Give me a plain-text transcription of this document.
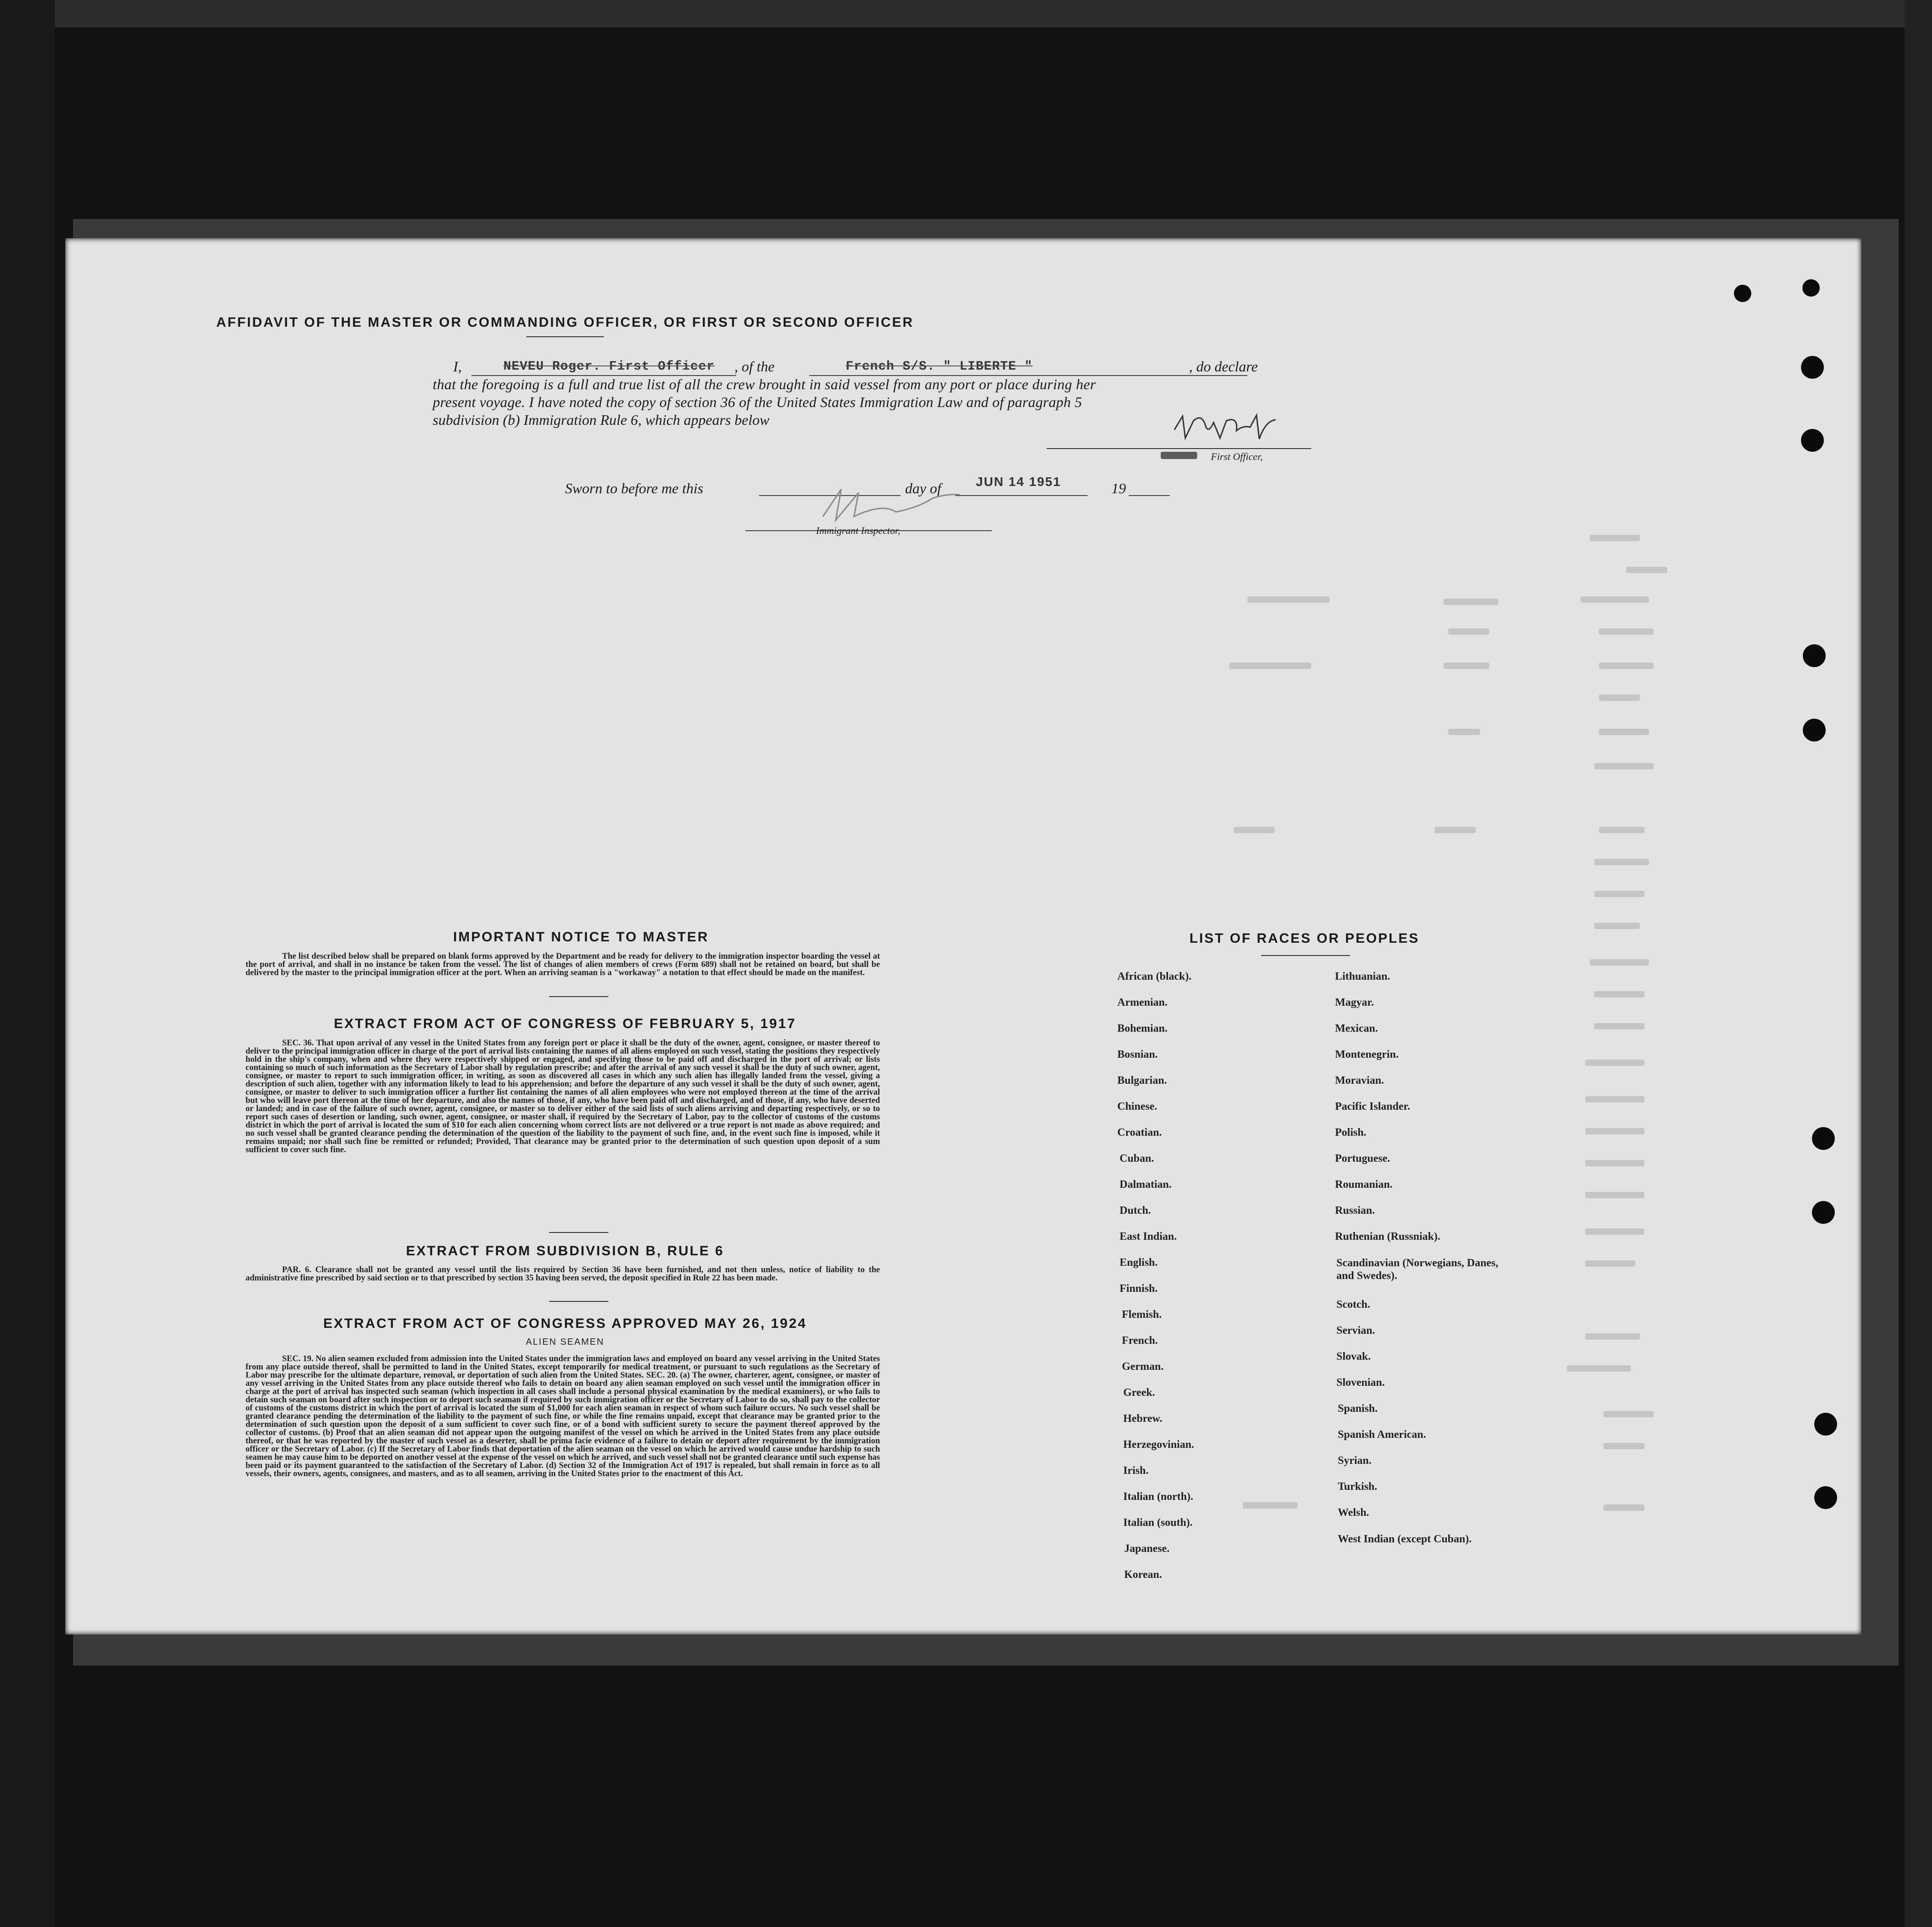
AFFIDAVIT OF THE MASTER OR COMMANDING OFFICER, OR FIRST OR SECOND OFFICER
I,	NEVEU Roger. First Officer , of the	French S/S. " LIBERTE "	, do declare
that the foregoing is a full and true list of all the crew brought in said vessel from any port or place during her
present voyage. I have noted the copy of section 36 of the United States Immigration Law and of paragraph 5
subdivision (b) Immigration Rule 6, which appears below
First Officer,
Sworn to before me this	day of	JUN 14 1951	19
Immigrant Inspector,
IMPORTANT NOTICE TO MASTER
The list described below shall be prepared on blank forms approved by the Department and be ready for delivery to the immigration inspector boarding the vessel at the port of arrival, and shall in no instance be taken from the vessel. The list of changes of alien members of crews (Form 689) shall not be retained on board, but shall be delivered by the master to the principal immigration officer at the port. When an arriving seaman is a "workaway" a notation to that effect should be made on the manifest.
EXTRACT FROM ACT OF CONGRESS OF FEBRUARY 5, 1917
SEC. 36. That upon arrival of any vessel in the United States from any foreign port or place it shall be the duty of the owner, agent, consignee, or master thereof to deliver to the principal immigration officer in charge of the port of arrival lists containing the names of all aliens employed on such vessel, stating the positions they respectively hold in the ship's company, when and where they were respectively shipped or engaged, and specifying those to be paid off and discharged in the port of arrival; or lists containing so much of such information as the Secretary of Labor shall by regulation prescribe; and after the arrival of any such vessel it shall be the duty of such owner, agent, consignee, or master to report to such immigration officer, in writing, as soon as discovered all cases in which any such alien has illegally landed from the vessel, giving a description of such alien, together with any information likely to lead to his apprehension; and before the departure of any such vessel it shall be the duty of such owner, agent, consignee, or master to deliver to such immigration officer a further list containing the names of all alien employees who were not employed thereon at the time of the arrival but who will leave port thereon at the time of her departure, and also the names of those, if any, who have been paid off and discharged, and of those, if any, who have deserted or landed; and in case of the failure of such owner, agent, consignee, or master so to deliver either of the said lists of such aliens arriving and departing respectively, or so to report such cases of desertion or landing, such owner, agent, consignee, or master shall, if required by the Secretary of Labor, pay to the collector of customs of the customs district in which the port of arrival is located the sum of $10 for each alien concerning whom correct lists are not delivered or a true report is not made as above required; and no such vessel shall be granted clearance pending the determination of the question of the liability to the payment of such fine, and, in the event such fine is imposed, while it remains unpaid; nor shall such fine be remitted or refunded; Provided, That clearance may be granted prior to the determination of such question upon deposit of a sum sufficient to cover such fine.
EXTRACT FROM SUBDIVISION B, RULE 6
PAR. 6. Clearance shall not be granted any vessel until the lists required by Section 36 have been furnished, and not then unless, notice of liability to the administrative fine prescribed by said section or to that prescribed by section 35 having been served, the deposit specified in Rule 22 has been made.
EXTRACT FROM ACT OF CONGRESS APPROVED MAY 26, 1924
ALIEN SEAMEN
SEC. 19. No alien seamen excluded from admission into the United States under the immigration laws and employed on board any vessel arriving in the United States from any place outside thereof, shall be permitted to land in the United States, except temporarily for medical treatment, or pursuant to such regulations as the Secretary of Labor may prescribe for the ultimate departure, removal, or deportation of such alien from the United States. SEC. 20. (a) The owner, charterer, agent, consignee, or master of any vessel arriving in the United States from any place outside thereof who fails to detain on board any alien seaman employed on such vessel until the immigration officer in charge at the port of arrival has inspected such seaman (which inspection in all cases shall include a personal physical examination by the medical examiners), or who fails to detain such seaman on board after such inspection or to deport such seaman if required by such immigration officer or the Secretary of Labor to do so, shall pay to the collector of customs of the customs district in which the port of arrival is located the sum of $1,000 for each alien seaman in respect of whom such failure occurs. No such vessel shall be granted clearance pending the determination of the liability to the payment of such fine, or while the fine remains unpaid, except that clearance may be granted prior to the determination of such question upon the deposit of a sum sufficient to cover such fine, or of a bond with sufficient surety to secure the payment thereof approved by the collector of customs. (b) Proof that an alien seaman did not appear upon the outgoing manifest of the vessel on which he arrived in the United States from any place outside thereof, or that he was reported by the master of such vessel as a deserter, shall be prima facie evidence of a failure to detain or deport after requirement by the immigration officer or the Secretary of Labor. (c) If the Secretary of Labor finds that deportation of the alien seaman on the vessel on which he arrived would cause undue hardship to such seamen he may cause him to be deported on another vessel at the expense of the vessel on which he arrived, and such vessel shall not be granted clearance until such expense has been paid or its payment guaranteed to the satisfaction of the Secretary of Labor. (d) Section 32 of the Immigration Act of 1917 is repealed, but shall remain in force as to all vessels, their owners, agents, consignees, and masters, and as to all seamen, arriving in the United States prior to the enactment of this Act.
LIST OF RACES OR PEOPLES
African (black).
Armenian.
Bohemian.
Bosnian.
Bulgarian.
Chinese.
Croatian.
Cuban.
Dalmatian.
Dutch.
East Indian.
English.
Finnish.
Flemish.
French.
German.
Greek.
Hebrew.
Herzegovinian.
Irish.
Italian (north).
Italian (south).
Japanese.
Korean.
Lithuanian.
Magyar.
Mexican.
Montenegrin.
Moravian.
Pacific Islander.
Polish.
Portuguese.
Roumanian.
Russian.
Ruthenian (Russniak).
Scandinavian (Norwegians, Danes, and Swedes).
Scotch.
Servian.
Slovak.
Slovenian.
Spanish.
Spanish American.
Syrian.
Turkish.
Welsh.
West Indian (except Cuban).
